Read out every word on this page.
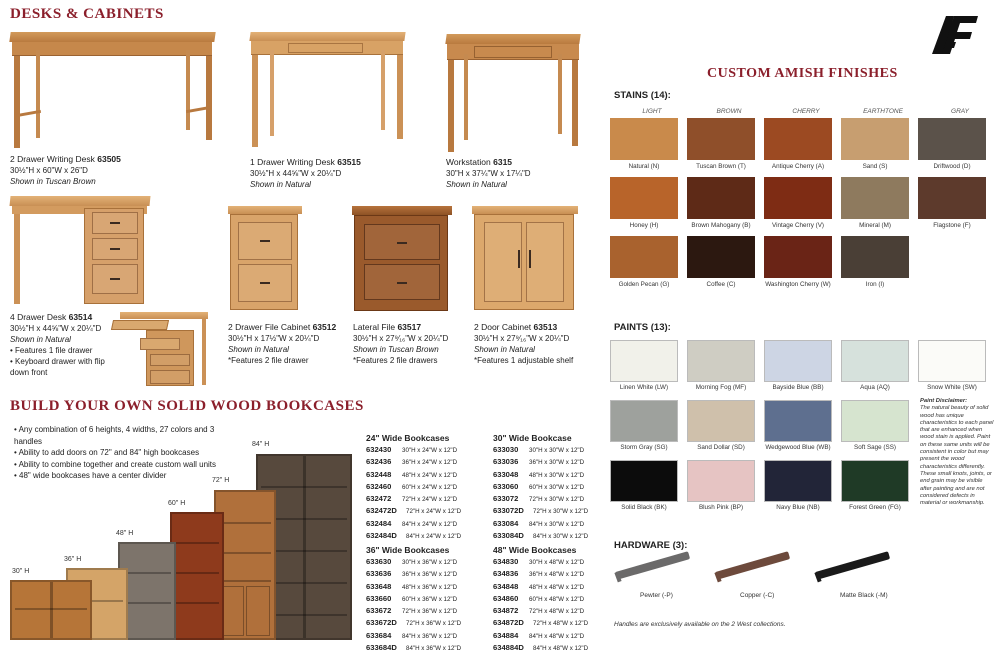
DESKS & CABINETS
2 Drawer Writing Desk 63505
30½"H x 60"W x 26"D
Shown in Tuscan Brown
1 Drawer Writing Desk 63515
30½"H x 44⅝"W x 20¼"D
Shown in Natural
Workstation 6315
30"H x 37¼"W x 17¼"D
Shown in Natural
4 Drawer Desk 63514
30½"H x 44⅝"W x 20¼"D
Shown in Natural
• Features 1 file drawer
• Keyboard drawer with flip down front
2 Drawer File Cabinet 63512
30½"H x 17½"W x 20¼"D
Shown in Natural
*Features 2 file drawer
Lateral File 63517
30½"H x 27⁹⁄₁₆"W x 20¼"D
Shown in Tuscan Brown
*Features 2 file drawers
2 Door Cabinet 63513
30½"H x 27⁹⁄₁₆"W x 20¼"D
Shown in Natural
*Features 1 adjustable shelf
CUSTOM AMISH FINISHES
STAINS (14):
LIGHT	BROWN	CHERRY	EARTHTONE	GRAY
Natural (N)	Tuscan Brown (T)	Antique Cherry (A)	Sand (S)	Driftwood (D)
Honey (H)	Brown Mahogany (B)	Vintage Cherry (V)	Mineral (M)	Flagstone (F)
Golden Pecan (G)	Coffee (C)	Washington Cherry (W)	Iron (I)
PAINTS (13):
Linen White (LW)	Morning Fog (MF)	Bayside Blue (BB)	Aqua (AQ)	Snow White (SW)
Storm Gray (SG)	Sand Dollar (SD)	Wedgewood Blue (WB)	Soft Sage (SS)
Solid Black (BK)	Blush Pink (BP)	Navy Blue (NB)	Forest Green (FG)
Paint Disclaimer:
The natural beauty of solid wood has unique characteristics to each panel that are enhanced when wood stain is applied. Paint on these same units will be consistent in color but may present the wood characteristics differently. These small knots, joints, or end grain may be visible after painting and are not considered defects in material or workmanship.
HARDWARE (3):
Pewter (-P)	Copper (-C)	Matte Black (-M)
Handles are exclusively available on the 2 West collections.
BUILD YOUR OWN SOLID WOOD BOOKCASES
• Any combination of 6 heights, 4 widths, 27 colors and 3 handles
• Ability to add doors on 72" and 84" high bookcases
• Ability to combine together and create custom wall units
• 48" wide bookcases have a center divider
84" H
72" H
60" H
48" H
36" H
30" H
24" Wide Bookcases
632430 30"H x 24"W x 12"D
632436 36"H x 24"W x 12"D
632448 48"H x 24"W x 12"D
632460 60"H x 24"W x 12"D
632472 72"H x 24"W x 12"D
632472D 72"H x 24"W x 12"D
632484 84"H x 24"W x 12"D
632484D 84"H x 24"W x 12"D
30" Wide Bookcase
633030 30"H x 30"W x 12"D
633036 36"H x 30"W x 12"D
633048 48"H x 30"W x 12"D
633060 60"H x 30"W x 12"D
633072 72"H x 30"W x 12"D
633072D 72"H x 30"W x 12"D
633084 84"H x 30"W x 12"D
633084D 84"H x 30"W x 12"D
36" Wide Bookcases
633630 30"H x 36"W x 12"D
633636 36"H x 36"W x 12"D
633648 48"H x 36"W x 12"D
633660 60"H x 36"W x 12"D
633672 72"H x 36"W x 12"D
633672D 72"H x 36"W x 12"D
633684 84"H x 36"W x 12"D
633684D 84"H x 36"W x 12"D
48" Wide Bookcases
634830 30"H x 48"W x 12"D
634836 36"H x 48"W x 12"D
634848 48"H x 48"W x 12"D
634860 60"H x 48"W x 12"D
634872 72"H x 48"W x 12"D
634872D 72"H x 48"W x 12"D
634884 84"H x 48"W x 12"D
634884D 84"H x 48"W x 12"D
